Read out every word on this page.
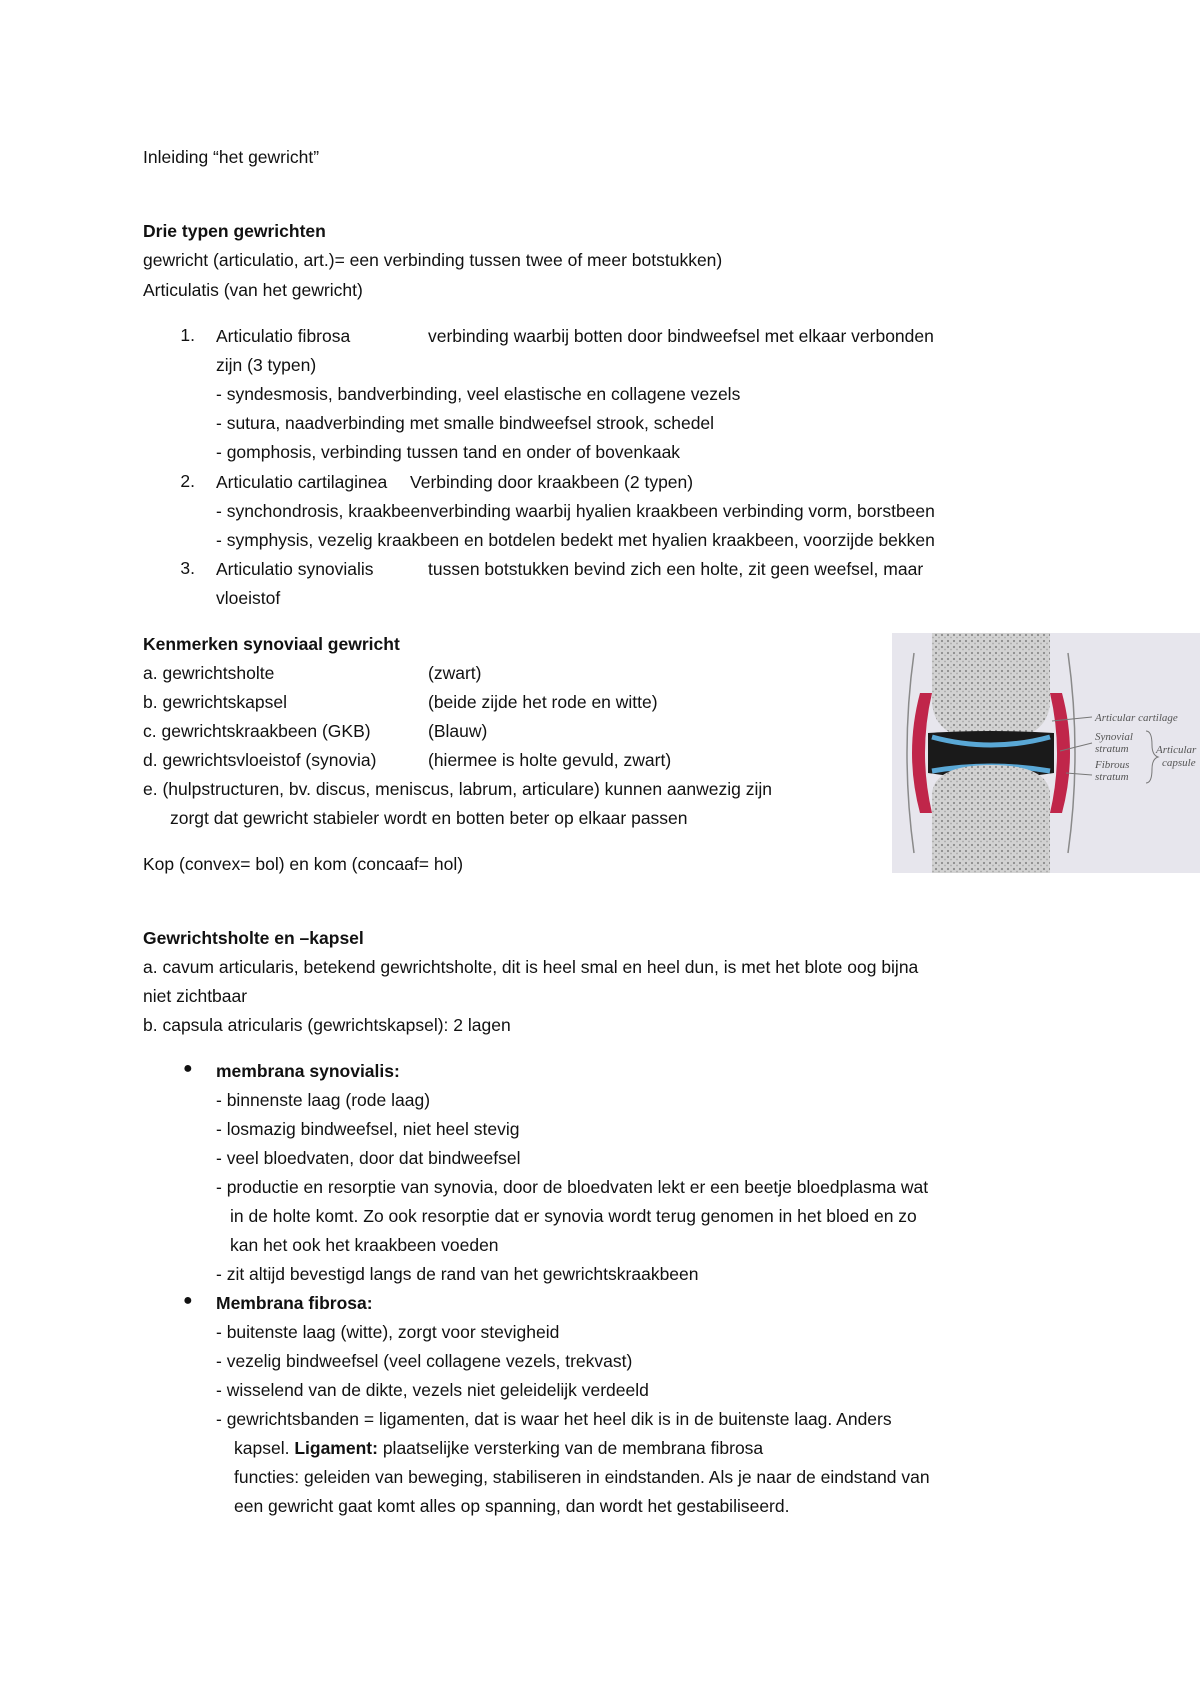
Inleiding “het gewricht”
Drie typen gewrichten
gewricht (articulatio, art.)= een verbinding tussen twee of meer botstukken)
Articulatis (van het gewricht)
1. Articulatio fibrosa	verbinding waarbij botten door bindweefsel met elkaar verbonden
zijn (3 typen)
- syndesmosis, bandverbinding, veel elastische en collagene vezels
- sutura, naadverbinding met smalle bindweefsel strook, schedel
- gomphosis, verbinding tussen tand en onder of bovenkaak
2. Articulatio cartilaginea Verbinding door kraakbeen (2 typen)
- synchondrosis, kraakbeenverbinding waarbij hyalien kraakbeen verbinding vorm, borstbeen
- symphysis, vezelig kraakbeen en botdelen bedekt met hyalien kraakbeen, voorzijde bekken
3. Articulatio synovialis	tussen botstukken bevind zich een holte, zit geen weefsel, maar
vloeistof
Kenmerken synoviaal gewricht
a. gewrichtsholte	(zwart)
b. gewrichtskapsel	(beide zijde het rode en witte)
c. gewrichtskraakbeen (GKB)	(Blauw)
d. gewrichtsvloeistof (synovia)	(hiermee is holte gevuld, zwart)
e. (hulpstructuren, bv. discus, meniscus, labrum, articulare) kunnen aanwezig zijn
zorgt dat gewricht stabieler wordt en botten beter op elkaar passen
Kop (convex= bol) en kom (concaaf= hol)
Articular cartilage
Synovial
stratum
Fibrous
stratum
Articular
capsule
Gewrichtsholte en –kapsel
a. cavum articularis, betekend gewrichtsholte, dit is heel smal en heel dun, is met het blote oog bijna
niet zichtbaar
b. capsula atricularis (gewrichtskapsel): 2 lagen
● membrana synovialis:
- binnenste laag (rode laag)
- losmazig bindweefsel, niet heel stevig
- veel bloedvaten, door dat bindweefsel
- productie en resorptie van synovia, door de bloedvaten lekt er een beetje bloedplasma wat
in de holte komt. Zo ook resorptie dat er synovia wordt terug genomen in het bloed en zo
kan het ook het kraakbeen voeden
- zit altijd bevestigd langs de rand van het gewrichtskraakbeen
● Membrana fibrosa:
- buitenste laag (witte), zorgt voor stevigheid
- vezelig bindweefsel (veel collagene vezels, trekvast)
- wisselend van de dikte, vezels niet geleidelijk verdeeld
- gewrichtsbanden = ligamenten, dat is waar het heel dik is in de buitenste laag. Anders
kapsel. Ligament: plaatselijke versterking van de membrana fibrosa
functies: geleiden van beweging, stabiliseren in eindstanden. Als je naar de eindstand van
een gewricht gaat komt alles op spanning, dan wordt het gestabiliseerd.
